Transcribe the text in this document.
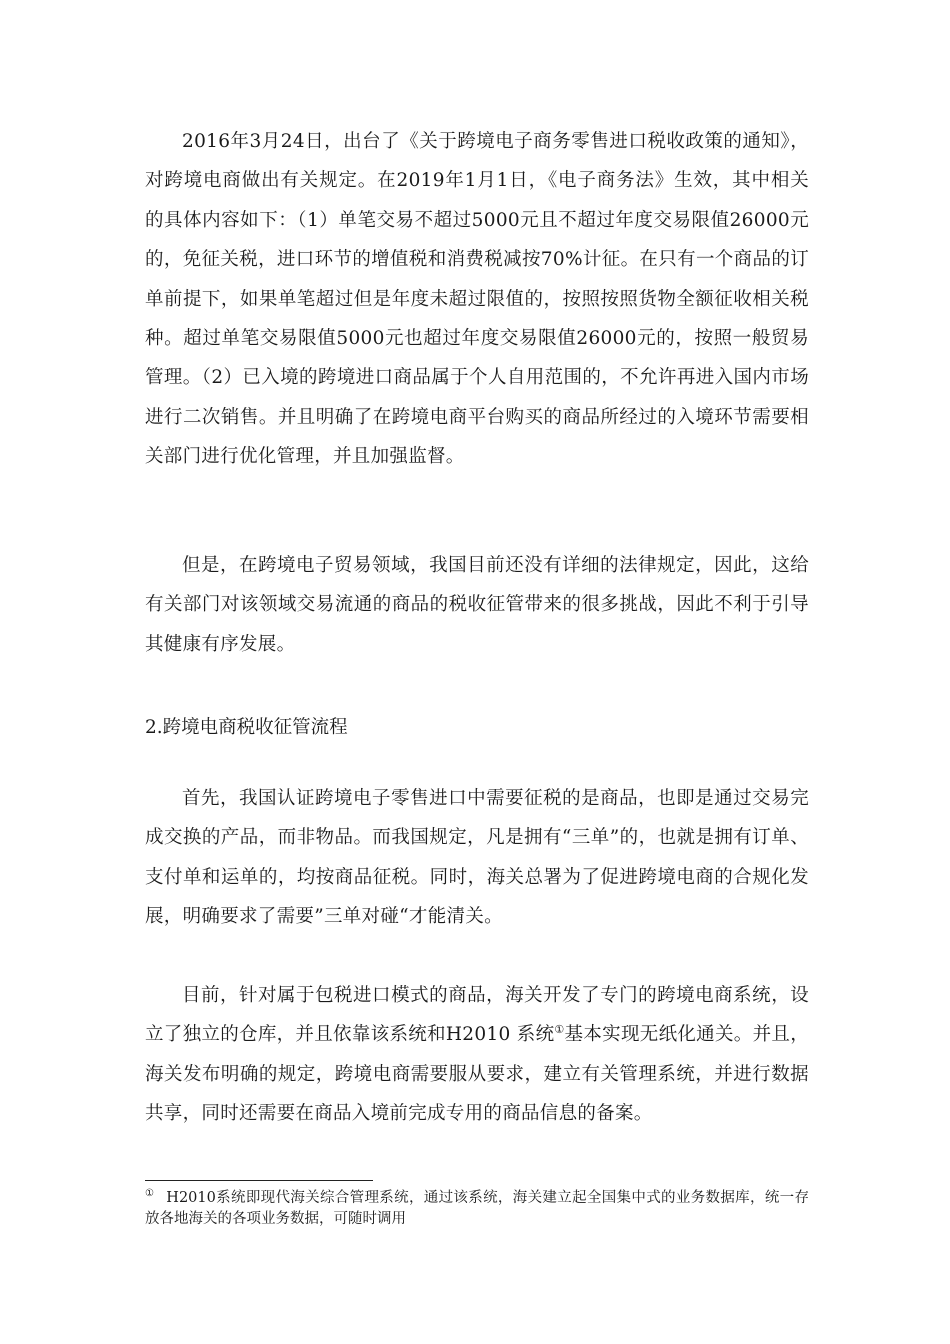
2016年3月24日，出台了《关于跨境电子商务零售进口税收政策的通知》，对跨境电商做出有关规定。在2019年1月1日，《电子商务法》生效，其中相关的具体内容如下：（1）单笔交易不超过5000元且不超过年度交易限值26000元的，免征关税，进口环节的增值税和消费税减按70%计征。在只有一个商品的订单前提下，如果单笔超过但是年度未超过限值的，按照按照货物全额征收相关税种。超过单笔交易限值5000元也超过年度交易限值26000元的，按照一般贸易管理。（2）已入境的跨境进口商品属于个人自用范围的，不允许再进入国内市场进行二次销售。并且明确了在跨境电商平台购买的商品所经过的入境环节需要相关部门进行优化管理，并且加强监督。

但是，在跨境电子贸易领域，我国目前还没有详细的法律规定，因此，这给有关部门对该领域交易流通的商品的税收征管带来的很多挑战，因此不利于引导其健康有序发展。

2.跨境电商税收征管流程

首先，我国认证跨境电子零售进口中需要征税的是商品，也即是通过交易完成交换的产品，而非物品。而我国规定，凡是拥有“三单”的，也就是拥有订单、支付单和运单的，均按商品征税。同时，海关总署为了促进跨境电商的合规化发展，明确要求了需要”三单对碰“才能清关。

目前，针对属于包税进口模式的商品，海关开发了专门的跨境电商系统，设立了独立的仓库，并且依靠该系统和H2010 系统①基本实现无纸化通关。并且，海关发布明确的规定，跨境电商需要服从要求，建立有关管理系统，并进行数据共享，同时还需要在商品入境前完成专用的商品信息的备案。

① H2010系统即现代海关综合管理系统，通过该系统，海关建立起全国集中式的业务数据库，统一存放各地海关的各项业务数据，可随时调用
